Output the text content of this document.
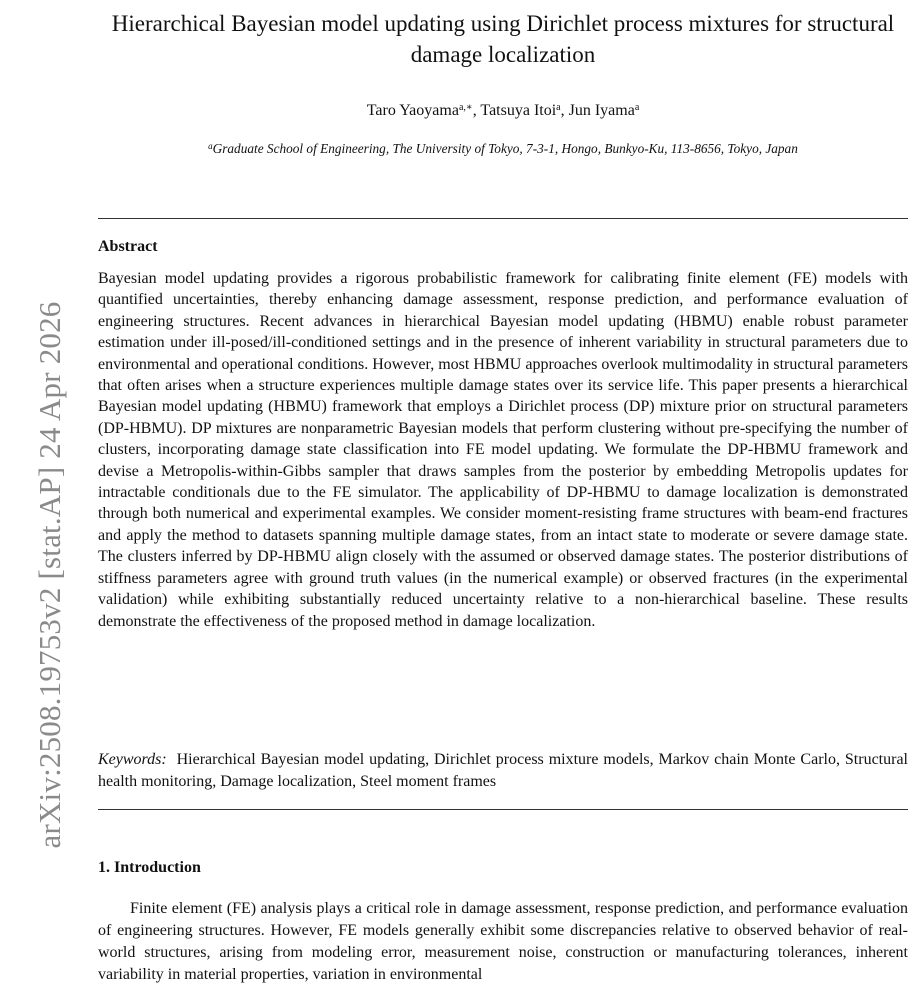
arXiv:2508.19753v2 [stat.AP] 24 Apr 2026
Hierarchical Bayesian model updating using Dirichlet process mixtures for structural damage localization
Taro Yaoyama$^{a,∗}$, Tatsuya Itoi$^a$, Jun Iyama$^a$
$^a$Graduate School of Engineering, The University of Tokyo, 7-3-1, Hongo, Bunkyo-Ku, 113-8656, Tokyo, Japan
Abstract

Bayesian model updating provides a rigorous probabilistic framework for calibrating finite element (FE) models with quantified uncertainties, thereby enhancing damage assessment, response prediction, and performance evaluation of engineering structures. Recent advances in hierarchical Bayesian model updating (HBMU) enable robust parameter estimation under ill-posed/ill-conditioned settings and in the presence of inherent variability in structural parameters due to environmental and operational conditions. However, most HBMU approaches overlook multimodality in structural parameters that often arises when a structure experiences multiple damage states over its service life. This paper presents a hierarchical Bayesian model updating (HBMU) framework that employs a Dirichlet process (DP) mixture prior on structural parameters (DP-HBMU). DP mixtures are nonparametric Bayesian models that perform clustering without pre-specifying the number of clusters, incorporating damage state classification into FE model updating. We formulate the DP-HBMU framework and devise a Metropolis-within-Gibbs sampler that draws samples from the posterior by embedding Metropolis updates for intractable conditionals due to the FE simulator. The applicability of DP-HBMU to damage localization is demonstrated through both numerical and experimental examples. We consider moment-resisting frame structures with beam-end fractures and apply the method to datasets spanning multiple damage states, from an intact state to moderate or severe damage state. The clusters inferred by DP-HBMU align closely with the assumed or observed damage states. The posterior distributions of stiffness parameters agree with ground truth values (in the numerical example) or observed fractures (in the experimental validation) while exhibiting substantially reduced uncertainty relative to a non-hierarchical baseline. These results demonstrate the effectiveness of the proposed method in damage localization.

Keywords: Hierarchical Bayesian model updating, Dirichlet process mixture models, Markov chain Monte Carlo, Structural health monitoring, Damage localization, Steel moment frames

1. Introduction

Finite element (FE) analysis plays a critical role in damage assessment, response prediction, and performance evaluation of engineering structures. However, FE models generally exhibit some discrepancies relative to observed behavior of real-world structures, arising from modeling error, measurement noise, construction or manufacturing tolerances, inherent variability in material properties, variation in environmental
